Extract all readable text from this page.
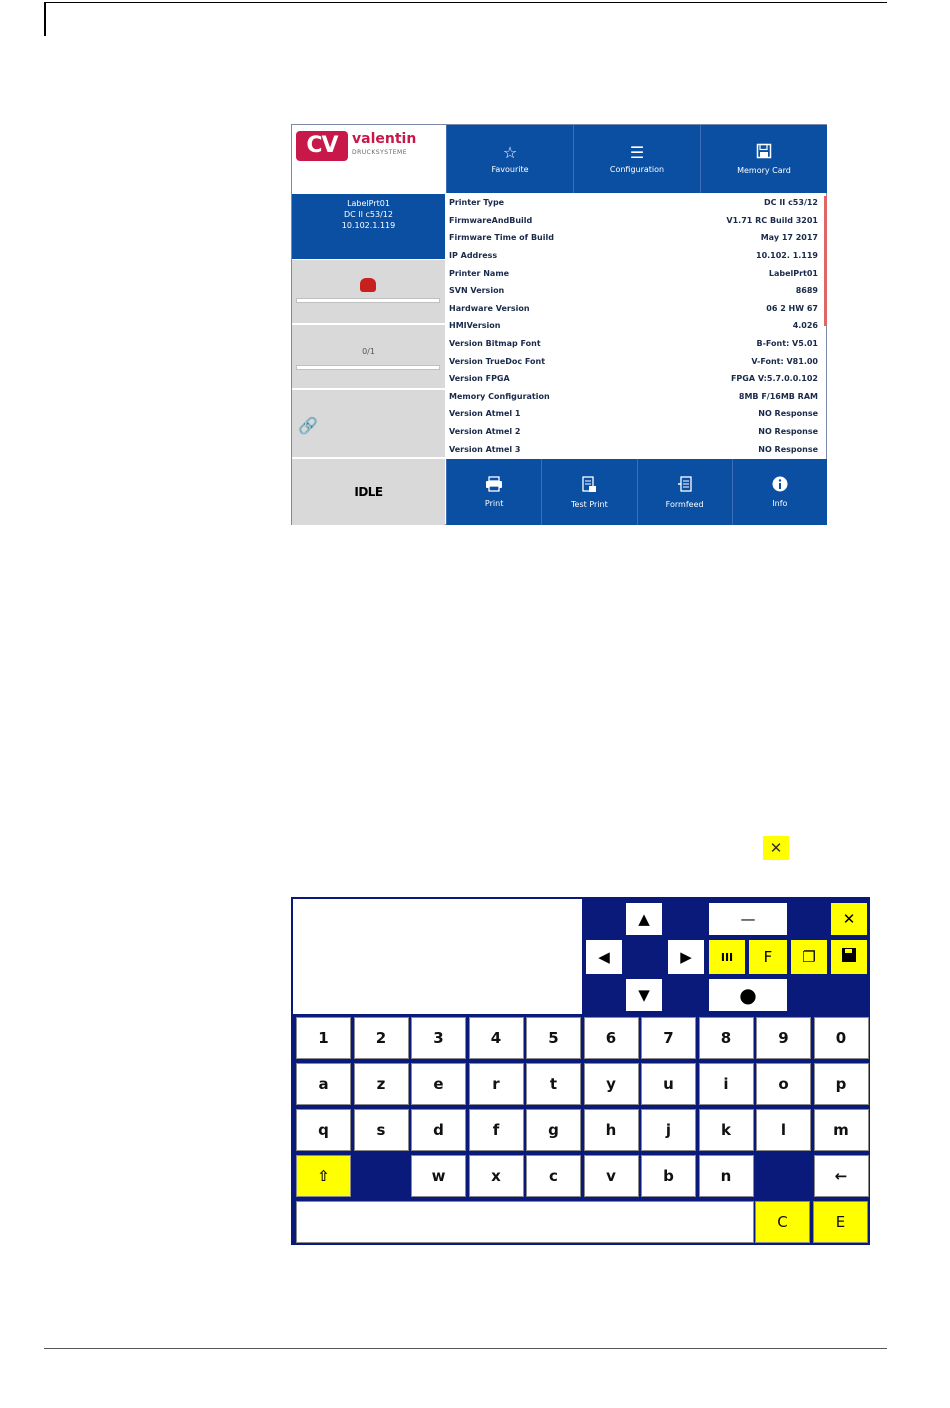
CV	valentin
DRUCKSYSTEME	☆
Favourite
☰
Configuration	Memory Card
LabelPrt01
DC II c53/12
10.102.1.119
0/1
🔗
IDLE
Printer Type	DC II c53/12
FirmwareAndBuild	V1.71 RC Build 3201
Firmware Time of Build	May 17 2017
IP Address	10.102. 1.119
Printer Name	LabelPrt01
SVN Version	8689
Hardware Version	06 2 HW 67
HMIVersion	4.026
Version Bitmap Font	B-Font: V5.01
Version TrueDoc Font	V-Font: V81.00
Version FPGA	FPGA V:5.7.0.0.102
Memory Configuration	8MB F/16MB RAM
Version Atmel 1	NO Response
Version Atmel 2	NO Response
Version Atmel 3	NO Response
Print	Test Print	Formfeed	Info
✕
▲
◀	▶
▼
—	✕
III F ❐
●
1	2	3	4	5	6	7	8	9	0
a	z	e	r	t	y	u	i	o	p
q	s	d	f	g	h	j	k	l	m
⇧	w	x	c	v	b	n	←
C	E
